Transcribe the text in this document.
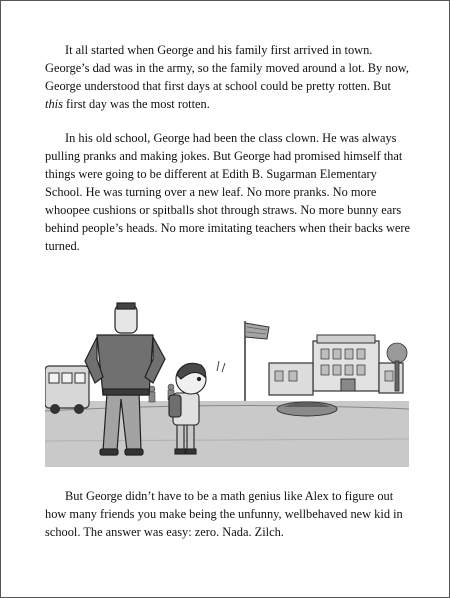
It all started when George and his family first arrived in town. George’s dad was in the army, so the family moved around a lot. By now, George understood that first days at school could be pretty rotten. But this first day was the most rotten.

In his old school, George had been the class clown. He was always pulling pranks and making jokes. But George had promised himself that things were going to be different at Edith B. Sugarman Elementary School. He was turning over a new leaf. No more pranks. No more whoopee cushions or spitballs shot through straws. No more bunny ears behind people’s heads. No more imitating teachers when their backs were turned.

But George didn’t have to be a math genius like Alex to figure out how many friends you make being the unfunny, wellbehaved new kid in school. The answer was easy: zero. Nada. Zilch.
